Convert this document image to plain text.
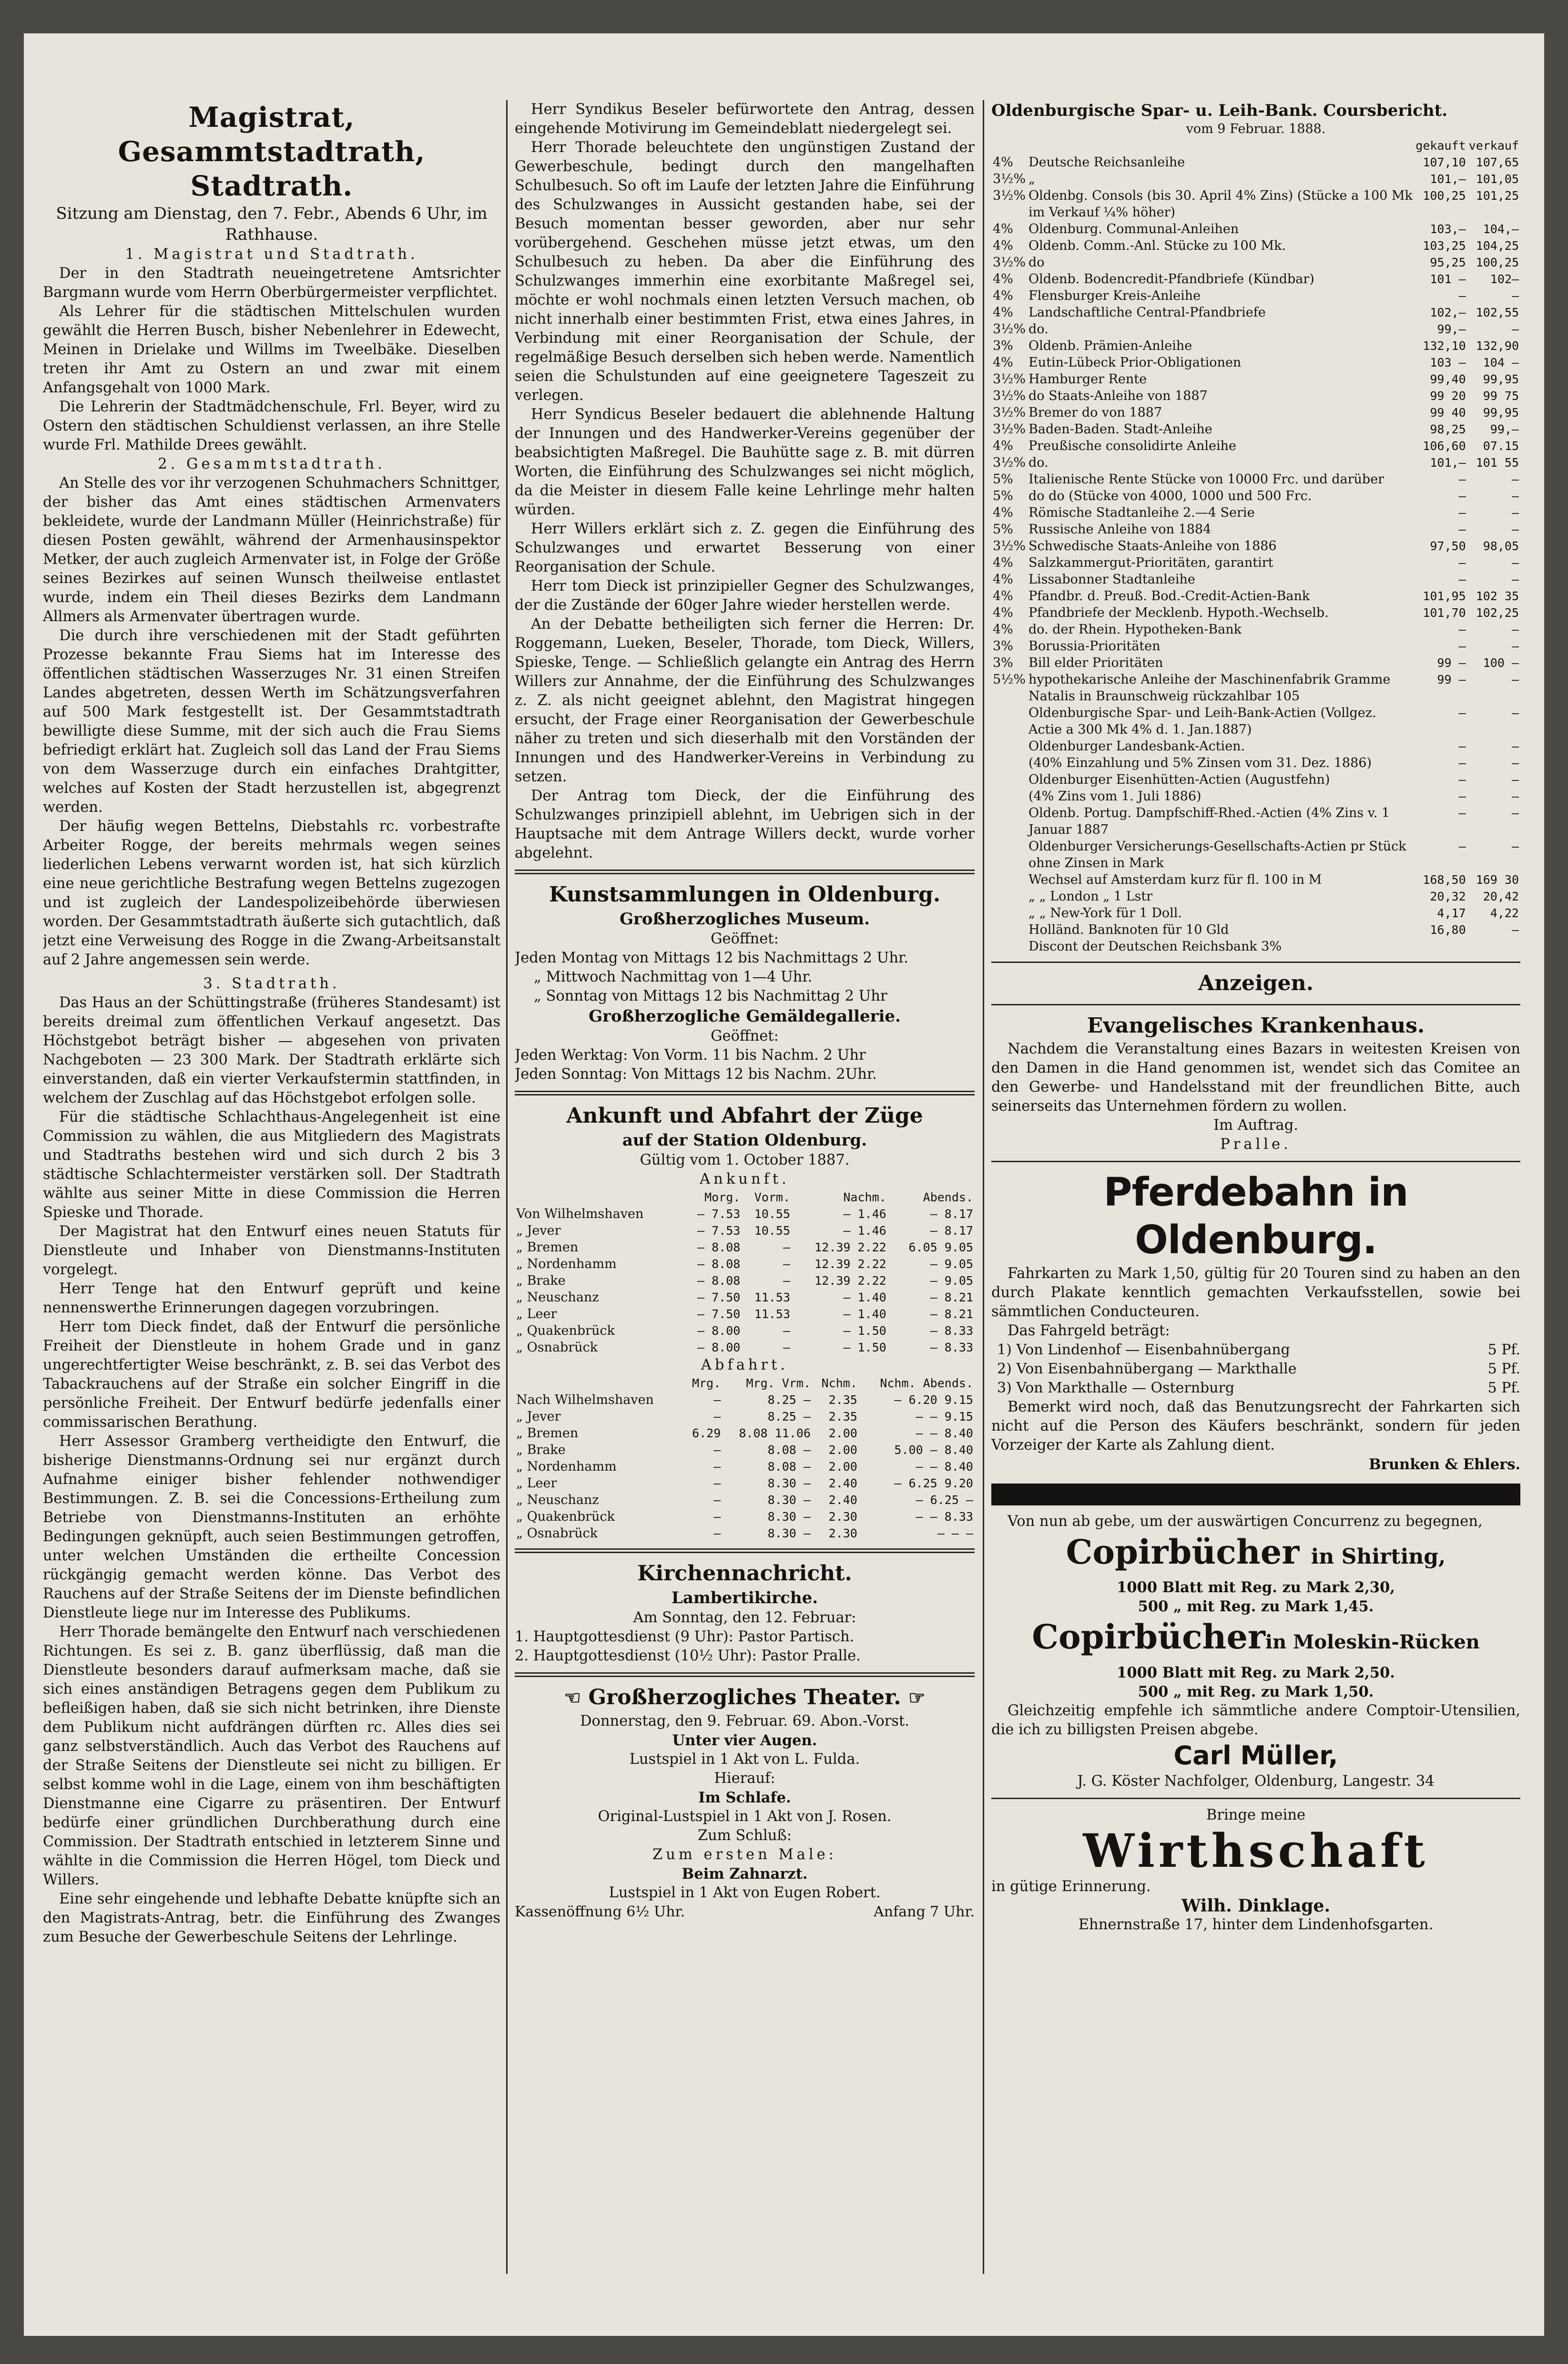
Magistrat, Gesammtstadtrath, Stadtrath.

Sitzung am Dienstag, den 7. Febr., Abends 6 Uhr, im Rathhause.

1. Magistrat und Stadtrath.

Der in den Stadtrath neueingetretene Amtsrichter Bargmann wurde vom Herrn Oberbürgermeister verpflichtet.

Als Lehrer für die städtischen Mittelschulen wurden gewählt die Herren Busch, bisher Nebenlehrer in Edewecht, Meinen in Drielake und Willms im Tweelbäke. Dieselben treten ihr Amt zu Ostern an und zwar mit einem Anfangsgehalt von 1000 Mark.

Die Lehrerin der Stadtmädchenschule, Frl. Beyer, wird zu Ostern den städtischen Schuldienst verlassen, an ihre Stelle wurde Frl. Mathilde Drees gewählt.

2. Gesammtstadtrath.

An Stelle des vor ihr verzogenen Schuhmachers Schnittger, der bisher das Amt eines städtischen Armenvaters bekleidete, wurde der Landmann Müller (Heinrichstraße) für diesen Posten gewählt, während der Armenhausinspektor Metker, der auch zugleich Armenvater ist, in Folge der Größe seines Bezirkes auf seinen Wunsch theilweise entlastet wurde, indem ein Theil dieses Bezirks dem Landmann Allmers als Armenvater übertragen wurde.

Die durch ihre verschiedenen mit der Stadt geführten Prozesse bekannte Frau Siems hat im Interesse des öffentlichen städtischen Wasserzuges Nr. 31 einen Streifen Landes abgetreten, dessen Werth im Schätzungsverfahren auf 500 Mark festgestellt ist. Der Gesammtstadtrath bewilligte diese Summe, mit der sich auch die Frau Siems befriedigt erklärt hat. Zugleich soll das Land der Frau Siems von dem Wasserzuge durch ein einfaches Drahtgitter, welches auf Kosten der Stadt herzustellen ist, abgegrenzt werden.

Der häufig wegen Bettelns, Diebstahls rc. vorbestrafte Arbeiter Rogge, der bereits mehrmals wegen seines liederlichen Lebens verwarnt worden ist, hat sich kürzlich eine neue gerichtliche Bestrafung wegen Bettelns zugezogen und ist zugleich der Landespolizeibehörde überwiesen worden. Der Gesammtstadtrath äußerte sich gutachtlich, daß jetzt eine Verweisung des Rogge in die Zwang-Arbeitsanstalt auf 2 Jahre angemessen sein werde.

3. Stadtrath.

Das Haus an der Schüttingstraße (früheres Standesamt) ist bereits dreimal zum öffentlichen Verkauf angesetzt. Das Höchstgebot beträgt bisher — abgesehen von privaten Nachgeboten — 23 300 Mark. Der Stadtrath erklärte sich einverstanden, daß ein vierter Verkaufstermin stattfinden, in welchem der Zuschlag auf das Höchstgebot erfolgen solle.

Für die städtische Schlachthaus-Angelegenheit ist eine Commission zu wählen, die aus Mitgliedern des Magistrats und Stadtraths bestehen wird und sich durch 2 bis 3 städtische Schlachtermeister verstärken soll. Der Stadtrath wählte aus seiner Mitte in diese Commission die Herren Spieske und Thorade.

Der Magistrat hat den Entwurf eines neuen Statuts für Dienstleute und Inhaber von Dienstmanns-Instituten vorgelegt.

Herr Tenge hat den Entwurf geprüft und keine nennenswerthe Erinnerungen dagegen vorzubringen.

Herr tom Dieck findet, daß der Entwurf die persönliche Freiheit der Dienstleute in hohem Grade und in ganz ungerechtfertigter Weise beschränkt, z. B. sei das Verbot des Tabackrauchens auf der Straße ein solcher Eingriff in die persönliche Freiheit. Der Entwurf bedürfe jedenfalls einer commissarischen Berathung.

Herr Assessor Gramberg vertheidigte den Entwurf, die bisherige Dienstmanns-Ordnung sei nur ergänzt durch Aufnahme einiger bisher fehlender nothwendiger Bestimmungen. Z. B. sei die Concessions-Ertheilung zum Betriebe von Dienstmanns-Instituten an erhöhte Bedingungen geknüpft, auch seien Bestimmungen getroffen, unter welchen Umständen die ertheilte Concession rückgängig gemacht werden könne. Das Verbot des Rauchens auf der Straße Seitens der im Dienste befindlichen Dienstleute liege nur im Interesse des Publikums.

Herr Thorade bemängelte den Entwurf nach verschiedenen Richtungen. Es sei z. B. ganz überflüssig, daß man die Dienstleute besonders darauf aufmerksam mache, daß sie sich eines anständigen Betragens gegen dem Publikum zu befleißigen haben, daß sie sich nicht betrinken, ihre Dienste dem Publikum nicht aufdrängen dürften rc. Alles dies sei ganz selbstverständlich. Auch das Verbot des Rauchens auf der Straße Seitens der Dienstleute sei nicht zu billigen. Er selbst komme wohl in die Lage, einem von ihm beschäftigten Dienstmanne eine Cigarre zu präsentiren. Der Entwurf bedürfe einer gründlichen Durchberathung durch eine Commission. Der Stadtrath entschied in letzterem Sinne und wählte in die Commission die Herren Högel, tom Dieck und Willers.

Eine sehr eingehende und lebhafte Debatte knüpfte sich an den Magistrats-Antrag, betr. die Einführung des Zwanges zum Besuche der Gewerbeschule Seitens der Lehrlinge.

Herr Syndikus Beseler befürwortete den Antrag, dessen eingehende Motivirung im Gemeindeblatt niedergelegt sei.

Herr Thorade beleuchtete den ungünstigen Zustand der Gewerbeschule, bedingt durch den mangelhaften Schulbesuch. So oft im Laufe der letzten Jahre die Einführung des Schulzwanges in Aussicht gestanden habe, sei der Besuch momentan besser geworden, aber nur sehr vorübergehend. Geschehen müsse jetzt etwas, um den Schulbesuch zu heben. Da aber die Einführung des Schulzwanges immerhin eine exorbitante Maßregel sei, möchte er wohl nochmals einen letzten Versuch machen, ob nicht innerhalb einer bestimmten Frist, etwa eines Jahres, in Verbindung mit einer Reorganisation der Schule, der regelmäßige Besuch derselben sich heben werde. Namentlich seien die Schulstunden auf eine geeignetere Tageszeit zu verlegen.

Herr Syndicus Beseler bedauert die ablehnende Haltung der Innungen und des Handwerker-Vereins gegenüber der beabsichtigten Maßregel. Die Bauhütte sage z. B. mit dürren Worten, die Einführung des Schulzwanges sei nicht möglich, da die Meister in diesem Falle keine Lehrlinge mehr halten würden.

Herr Willers erklärt sich z. Z. gegen die Einführung des Schulzwanges und erwartet Besserung von einer Reorganisation der Schule.

Herr tom Dieck ist prinzipieller Gegner des Schulzwanges, der die Zustände der 60ger Jahre wieder herstellen werde.

An der Debatte betheiligten sich ferner die Herren: Dr. Roggemann, Lueken, Beseler, Thorade, tom Dieck, Willers, Spieske, Tenge. — Schließlich gelangte ein Antrag des Herrn Willers zur Annahme, der die Einführung des Schulzwanges z. Z. als nicht geeignet ablehnt, den Magistrat hingegen ersucht, der Frage einer Reorganisation der Gewerbeschule näher zu treten und sich dieserhalb mit den Vorständen der Innungen und des Handwerker-Vereins in Verbindung zu setzen.

Der Antrag tom Dieck, der die Einführung des Schulzwanges prinzipiell ablehnt, im Uebrigen sich in der Hauptsache mit dem Antrage Willers deckt, wurde vorher abgelehnt.

Kunstsammlungen in Oldenburg.
Großherzogliches Museum.

Geöffnet:

Jeden Montag von Mittags 12 bis Nachmittags 2 Uhr.

„ Mittwoch Nachmittag von 1—4 Uhr.

„ Sonntag von Mittags 12 bis Nachmittag 2 Uhr

Großherzogliche Gemäldegallerie.

Geöffnet:

Jeden Werktag: Von Vorm. 11 bis Nachm. 2 Uhr

Jeden Sonntag: Von Mittags 12 bis Nachm. 2Uhr.

Ankunft und Abfahrt der Züge
auf der Station Oldenburg.

Gültig vom 1. October 1887.

Ankunft.

	Morg.	Vorm.	Nachm.	Abends.
Von Wilhelmshaven	— 7.53	10.55	— 1.46	— 8.17
„ Jever	— 7.53	10.55	— 1.46	— 8.17
„ Bremen	— 8.08	—	12.39 2.22	6.05 9.05
„ Nordenhamm	— 8.08	—	12.39 2.22	— 9.05
„ Brake	— 8.08	—	12.39 2.22	— 9.05
„ Neuschanz	— 7.50	11.53	— 1.40	— 8.21
„ Leer	— 7.50	11.53	— 1.40	— 8.21
„ Quakenbrück	— 8.00	—	— 1.50	— 8.33
„ Osnabrück	— 8.00	—	— 1.50	— 8.33

Abfahrt.

	Mrg.	Mrg. Vrm.	Nchm.	Nchm. Abends.
Nach Wilhelmshaven	—	8.25 —	2.35	— 6.20 9.15
„ Jever	—	8.25 —	2.35	— — 9.15
„ Bremen	6.29	8.08 11.06	2.00	— — 8.40
„ Brake	—	8.08 —	2.00	5.00 — 8.40
„ Nordenhamm	—	8.08 —	2.00	— — 8.40
„ Leer	—	8.30 —	2.40	— 6.25 9.20
„ Neuschanz	—	8.30 —	2.40	— 6.25 —
„ Quakenbrück	—	8.30 —	2.30	— — 8.33
„ Osnabrück	—	8.30 —	2.30	— — —
Kirchennachricht.
Lambertikirche.

Am Sonntag, den 12. Februar:

1. Hauptgottesdienst (9 Uhr): Pastor Partisch.

2. Hauptgottesdienst (10½ Uhr): Pastor Pralle.

☜ Großherzogliches Theater. ☞

Donnerstag, den 9. Februar. 69. Abon.-Vorst.

Unter vier Augen.

Lustspiel in 1 Akt von L. Fulda.

Hierauf:

Im Schlafe.

Original-Lustspiel in 1 Akt von J. Rosen.

Zum Schluß:

Zum ersten Male:

Beim Zahnarzt.

Lustspiel in 1 Akt von Eugen Robert.

Kassenöffnung 6½ Uhr.	Anfang 7 Uhr.
Oldenburgische Spar- u. Leih-Bank. Coursbericht.

vom 9 Februar. 1888.

		gekauft	verkauf
4%	Deutsche Reichsanleihe	107,10	107,65
3½%	„	101,—	101,05
3½%	Oldenbg. Consols (bis 30. April 4% Zins) (Stücke a 100 Mk im Verkauf ¼% höher)	100,25	101,25
4%	Oldenburg. Communal-Anleihen	103,—	104,—
4%	Oldenb. Comm.-Anl. Stücke zu 100 Mk.	103,25	104,25
3½%	do	95,25	100,25
4%	Oldenb. Bodencredit-Pfandbriefe (Kündbar)	101 —	102—
4%	Flensburger Kreis-Anleihe	—	—
4%	Landschaftliche Central-Pfandbriefe	102,—	102,55
3½%	do.	99,—	—
3%	Oldenb. Prämien-Anleihe	132,10	132,90
4%	Eutin-Lübeck Prior-Obligationen	103 —	104 —
3½%	Hamburger Rente	99,40	99,95
3½%	do Staats-Anleihe von 1887	99 20	99 75
3½%	Bremer do von 1887	99 40	99,95
3½%	Baden-Baden. Stadt-Anleihe	98,25	99,—
4%	Preußische consolidirte Anleihe	106,60	07.15
3½%	do.	101,—	101 55
5%	Italienische Rente Stücke von 10000 Frc. und darüber	—	—
5%	do do (Stücke von 4000, 1000 und 500 Frc.	—	—
4%	Römische Stadtanleihe 2.—4 Serie	—	—
5%	Russische Anleihe von 1884	—	—
3½%	Schwedische Staats-Anleihe von 1886	97,50	98,05
4%	Salzkammergut-Prioritäten, garantirt	—	—
4%	Lissabonner Stadtanleihe	—	—
4%	Pfandbr. d. Preuß. Bod.-Credit-Actien-Bank	101,95	102 35
4%	Pfandbriefe der Mecklenb. Hypoth.-Wechselb.	101,70	102,25
4%	do. der Rhein. Hypotheken-Bank	—	—
3%	Borussia-Prioritäten	—	—
3%	Bill elder Prioritäten	99 —	100 —
5½%	hypothekarische Anleihe der Maschinenfabrik Gramme Natalis in Braunschweig rückzahlbar 105	99 —	—
	Oldenburgische Spar- und Leih-Bank-Actien (Vollgez. Actie a 300 Mk 4% d. 1. Jan.1887)	—	—
	Oldenburger Landesbank-Actien.	—	—
	(40% Einzahlung und 5% Zinsen vom 31. Dez. 1886)	—	—
	Oldenburger Eisenhütten-Actien (Augustfehn)	—	—
	(4% Zins vom 1. Juli 1886)	—	—
	Oldenb. Portug. Dampfschiff-Rhed.-Actien (4% Zins v. 1 Januar 1887	—	—
	Oldenburger Versicherungs-Gesellschafts-Actien pr Stück ohne Zinsen in Mark	—	—
	Wechsel auf Amsterdam kurz für fl. 100 in M	168,50	169 30
	„ „ London „ 1 Lstr	20,32	20,42
	„ „ New-York für 1 Doll.	4,17	4,22
	Holländ. Banknoten für 10 Gld	16,80	—
	Discont der Deutschen Reichsbank 3%		
Anzeigen.
Evangelisches Krankenhaus.

Nachdem die Veranstaltung eines Bazars in weitesten Kreisen von den Damen in die Hand genommen ist, wendet sich das Comitee an den Gewerbe- und Handelsstand mit der freundlichen Bitte, auch seinerseits das Unternehmen fördern zu wollen.

Im Auftrag.

Pralle.

Pferdebahn in Oldenburg.

Fahrkarten zu Mark 1,50, gültig für 20 Touren sind zu haben an den durch Plakate kenntlich gemachten Verkaufsstellen, sowie bei sämmtlichen Conducteuren.

Das Fahrgeld beträgt:

1) Von Lindenhof — Eisenbahnübergang	5 Pf.
2) Von Eisenbahnübergang — Markthalle	5 Pf.
3) Von Markthalle — Osternburg	5 Pf.

Bemerkt wird noch, daß das Benutzungsrecht der Fahrkarten sich nicht auf die Person des Käufers beschränkt, sondern für jeden Vorzeiger der Karte als Zahlung dient.

Brunken & Ehlers.

Von nun ab gebe, um der auswärtigen Concurrenz zu begegnen,

Copirbücher in Shirting,

1000 Blatt mit Reg. zu Mark 2,30,

500 „ mit Reg. zu Mark 1,45.

Copirbücherin Moleskin-Rücken

1000 Blatt mit Reg. zu Mark 2,50.

500 „ mit Reg. zu Mark 1,50.

Gleichzeitig empfehle ich sämmtliche andere Comptoir-Utensilien, die ich zu billigsten Preisen abgebe.

Carl Müller,

J. G. Köster Nachfolger, Oldenburg, Langestr. 34

Bringe meine

Wirthschaft

in gütige Erinnerung.

Wilh. Dinklage.

Ehnernstraße 17, hinter dem Lindenhofsgarten.
